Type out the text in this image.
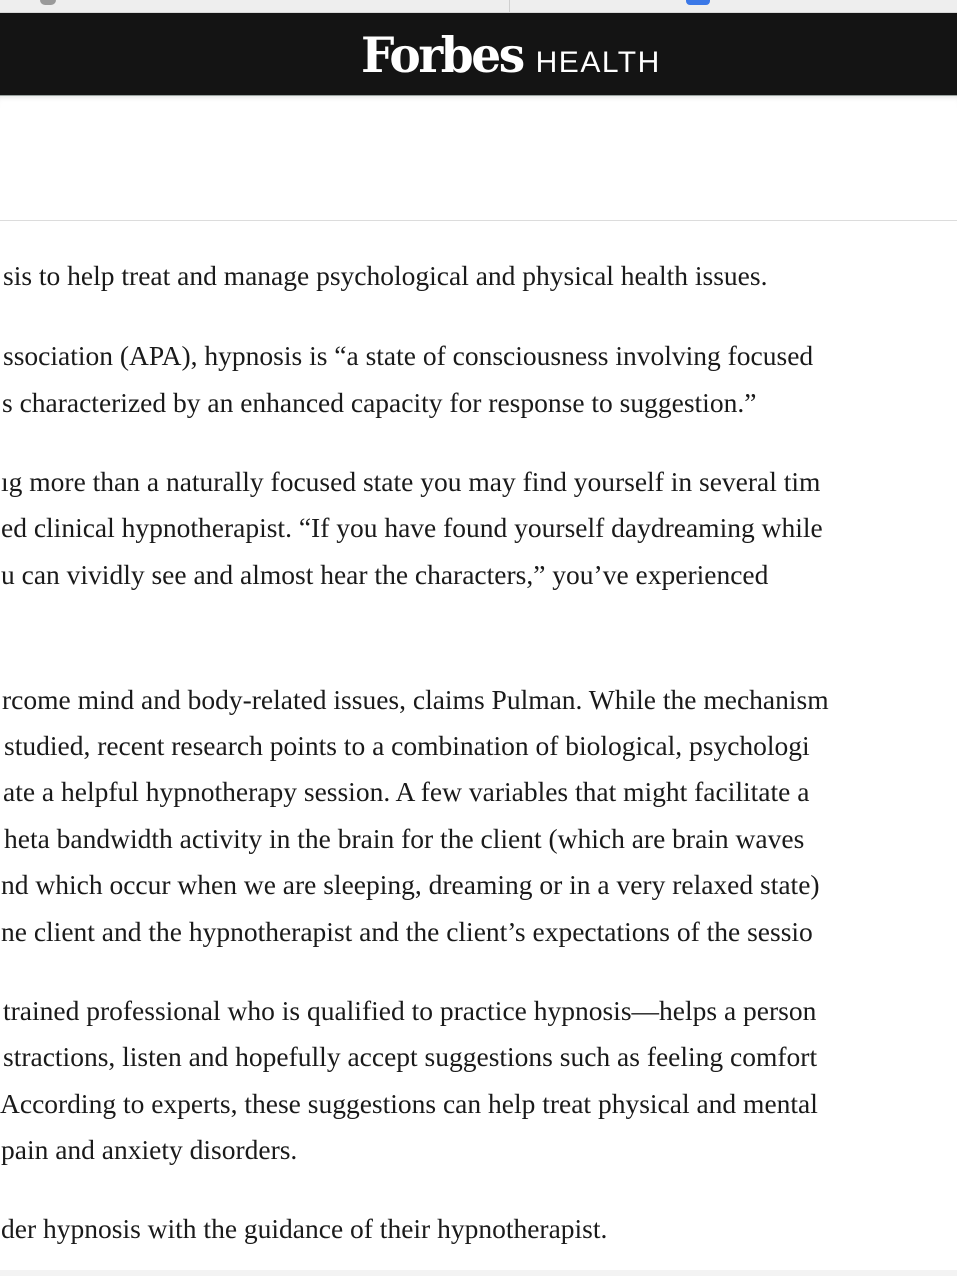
Forbes HEALTH

sis to help treat and manage psychological and physical health issues.

ssociation (APA), hypnosis is “a state of consciousness involving focused

s characterized by an enhanced capacity for response to suggestion.”

ıg more than a naturally focused state you may find yourself in several tim

ed clinical hypnotherapist. “If you have found yourself daydreaming while

u can vividly see and almost hear the characters,” you’ve experienced

rcome mind and body-related issues, claims Pulman. While the mechanism

studied, recent research points to a combination of biological, psychologi

ate a helpful hypnotherapy session. A few variables that might facilitate a

heta bandwidth activity in the brain for the client (which are brain waves

nd which occur when we are sleeping, dreaming or in a very relaxed state)

ne client and the hypnotherapist and the client’s expectations of the sessio

trained professional who is qualified to practice hypnosis—helps a person

stractions, listen and hopefully accept suggestions such as feeling comfort

According to experts, these suggestions can help treat physical and mental

pain and anxiety disorders.

der hypnosis with the guidance of their hypnotherapist.
